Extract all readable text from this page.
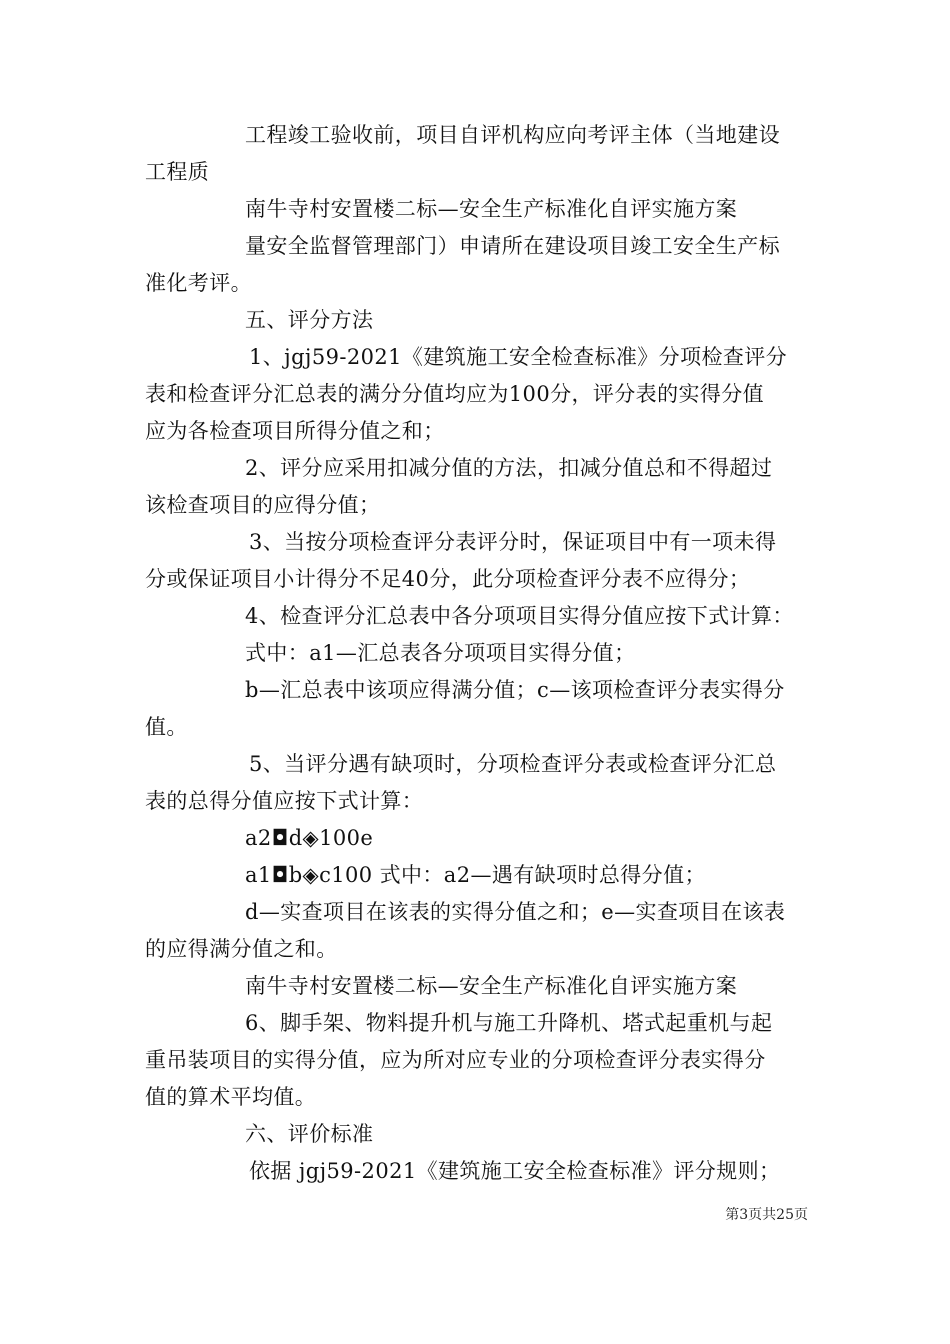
工程竣工验收前，项目自评机构应向考评主体（当地建设
工程质
南牛寺村安置楼二标—安全生产标准化自评实施方案
量安全监督管理部门）申请所在建设项目竣工安全生产标
准化考评。
五、评分方法
1、jgj59-2021《建筑施工安全检查标准》分项检查评分
表和检查评分汇总表的满分分值均应为100分，评分表的实得分值
应为各检查项目所得分值之和；
2、评分应采用扣减分值的方法，扣减分值总和不得超过
该检查项目的应得分值；
3、当按分项检查评分表评分时，保证项目中有一项未得
分或保证项目小计得分不足40分，此分项检查评分表不应得分；
4、检查评分汇总表中各分项项目实得分值应按下式计算：
式中：a1—汇总表各分项项目实得分值；
b—汇总表中该项应得满分值；c—该项检查评分表实得分
值。
5、当评分遇有缺项时，分项检查评分表或检查评分汇总
表的总得分值应按下式计算：
a2◘d◈100e
a1◘b◈c100 式中：a2—遇有缺项时总得分值；
d—实查项目在该表的实得分值之和；e—实查项目在该表
的应得满分值之和。
南牛寺村安置楼二标—安全生产标准化自评实施方案
6、脚手架、物料提升机与施工升降机、塔式起重机与起
重吊装项目的实得分值，应为所对应专业的分项检查评分表实得分
值的算术平均值。
六、评价标准
依据 jgj59-2021《建筑施工安全检查标准》评分规则；
第3页共25页
